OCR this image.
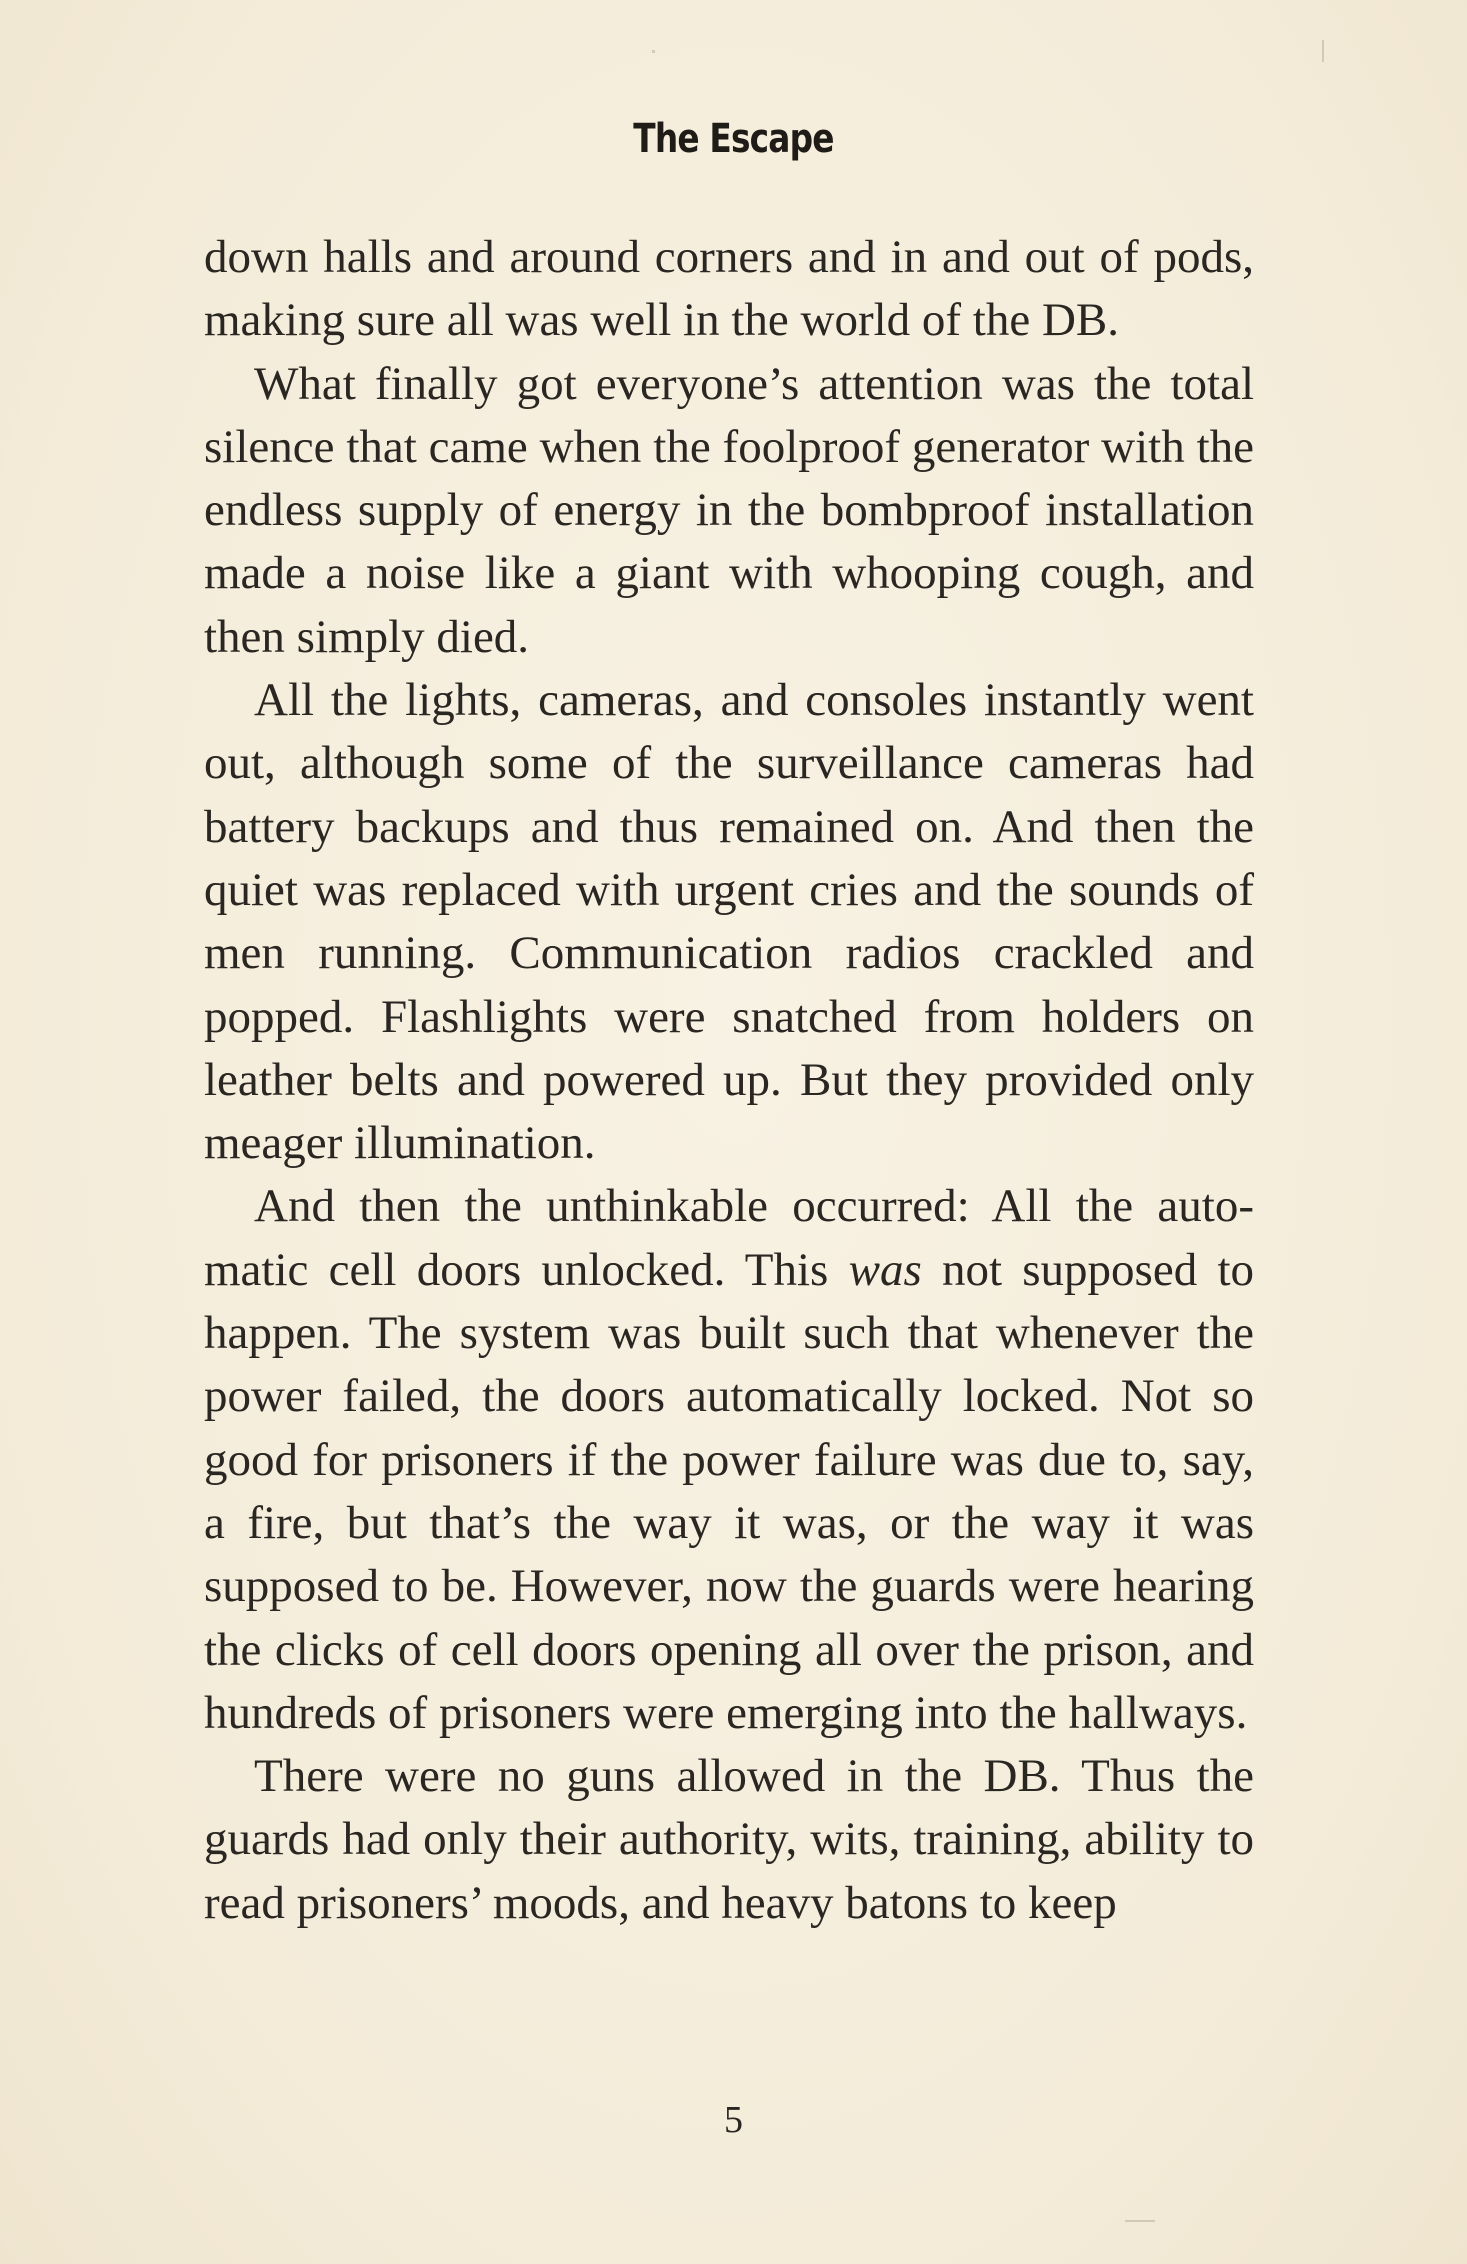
The Escape

down halls and around corners and in and out of pods, making sure all was well in the world of the DB.

What finally got everyone’s attention was the total silence that came when the foolproof generator with the endless supply of energy in the bombproof installation made a noise like a giant with whooping cough, and then simply died.

All the lights, cameras, and consoles instantly went out, although some of the surveillance cameras had battery backups and thus remained on. And then the quiet was replaced with urgent cries and the sounds of men running. Communication radios crackled and popped. Flashlights were snatched from holders on leather belts and powered up. But they provided only meager illumination.

And then the unthinkable occurred: All the automatic cell doors unlocked. This was not supposed to happen. The system was built such that whenever the power failed, the doors automatically locked. Not so good for prisoners if the power failure was due to, say, a fire, but that’s the way it was, or the way it was supposed to be. However, now the guards were hearing the clicks of cell doors opening all over the prison, and hundreds of prisoners were emerging into the hallways.

There were no guns allowed in the DB. Thus the guards had only their authority, wits, training, ability to read prisoners’ moods, and heavy batons to keep

5
